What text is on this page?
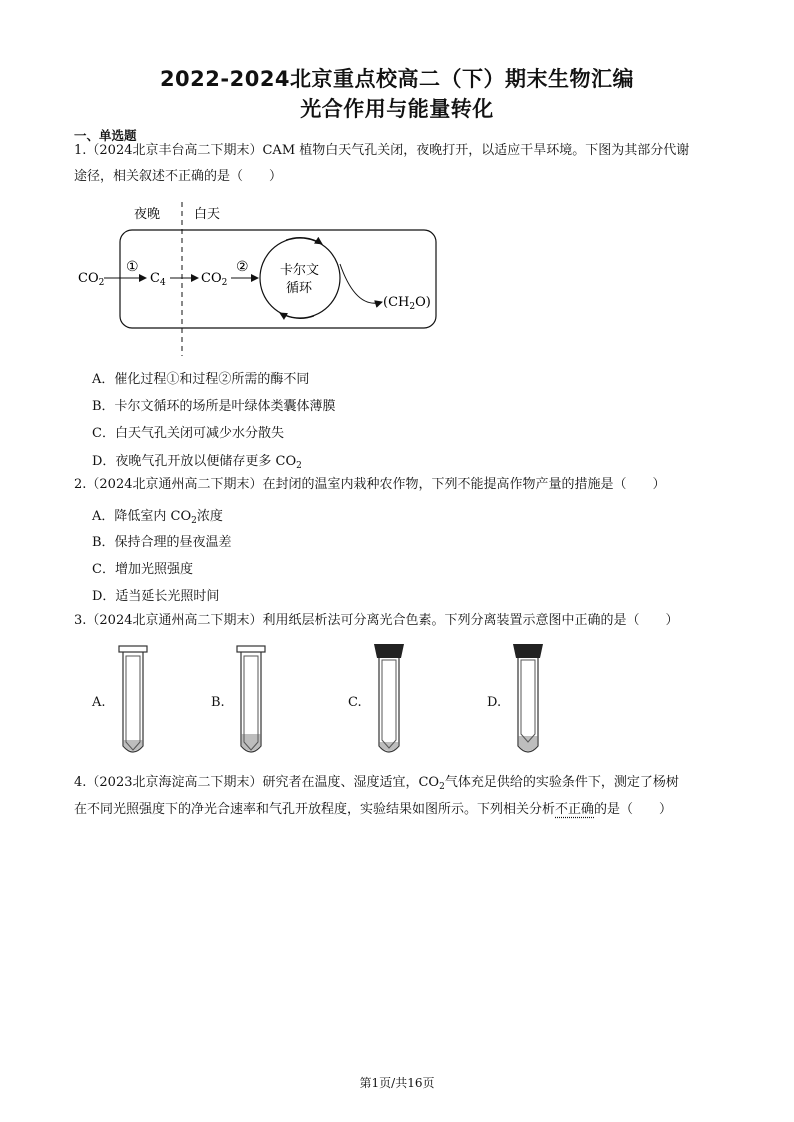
2022-2024北京重点校高二（下）期末生物汇编
光合作用与能量转化
一、单选题
1.（2024北京丰台高二下期末）CAM 植物白天气孔关闭，夜晚打开，以适应干旱环境。下图为其部分代谢
途径，相关叙述不正确的是（　　）
夜晚	白天
$CO_2$
①
$C_4$	$CO_2$
② 卡尔文
循环
$(CH_2O)$
A．催化过程①和过程②所需的酶不同
B．卡尔文循环的场所是叶绿体类囊体薄膜
C．白天气孔关闭可减少水分散失
D．夜晚气孔开放以便储存更多 $CO_2$
2.（2024北京通州高二下期末）在封闭的温室内栽种农作物，下列不能提高作物产量的措施是（　　）
A．降低室内 $CO_2$浓度
B．保持合理的昼夜温差
C．增加光照强度
D．适当延长光照时间
3.（2024北京通州高二下期末）利用纸层析法可分离光合色素。下列分离装置示意图中正确的是（　　）
A.	B.	C.	D.
4.（2023北京海淀高二下期末）研究者在温度、湿度适宜，$CO_2$气体充足供给的实验条件下，测定了杨树
在不同光照强度下的净光合速率和气孔开放程度，实验结果如图所示。下列相关分析不正确的是（　　）
第1页/共16页
